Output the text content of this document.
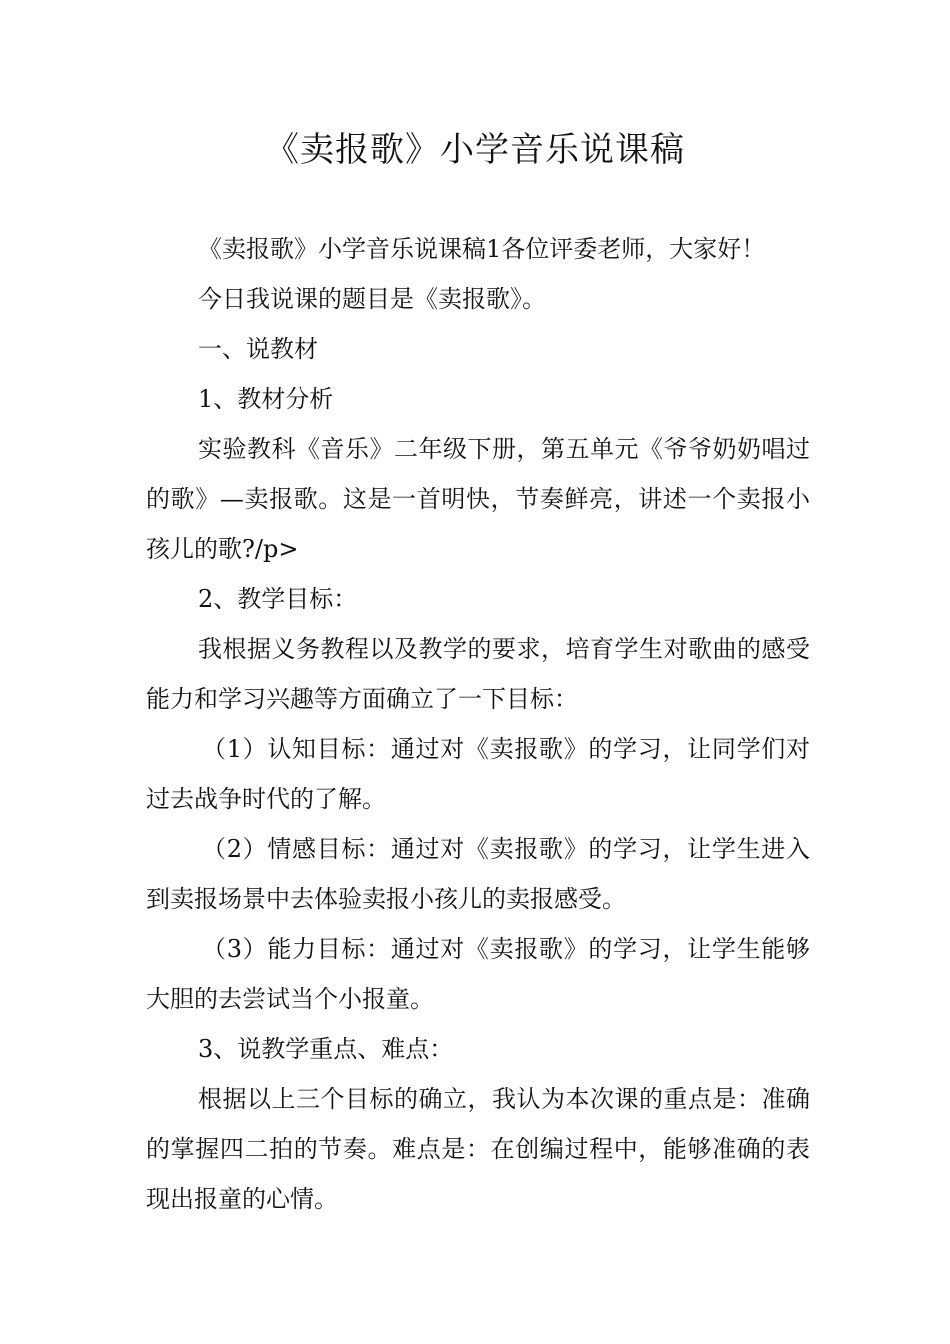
《卖报歌》小学音乐说课稿

《卖报歌》小学音乐说课稿1各位评委老师，大家好！

今日我说课的题目是《卖报歌》。

一、说教材

1、教材分析

实验教科《音乐》二年级下册，第五单元《爷爷奶奶唱过的歌》—卖报歌。这是一首明快，节奏鲜亮，讲述一个卖报小孩儿的歌?/p>

2、教学目标：

我根据义务教程以及教学的要求，培育学生对歌曲的感受能力和学习兴趣等方面确立了一下目标：

（1）认知目标：通过对《卖报歌》的学习，让同学们对过去战争时代的了解。

（2）情感目标：通过对《卖报歌》的学习，让学生进入到卖报场景中去体验卖报小孩儿的卖报感受。

（3）能力目标：通过对《卖报歌》的学习，让学生能够大胆的去尝试当个小报童。

3、说教学重点、难点：

根据以上三个目标的确立，我认为本次课的重点是：准确的掌握四二拍的节奏。难点是：在创编过程中，能够准确的表现出报童的心情。
